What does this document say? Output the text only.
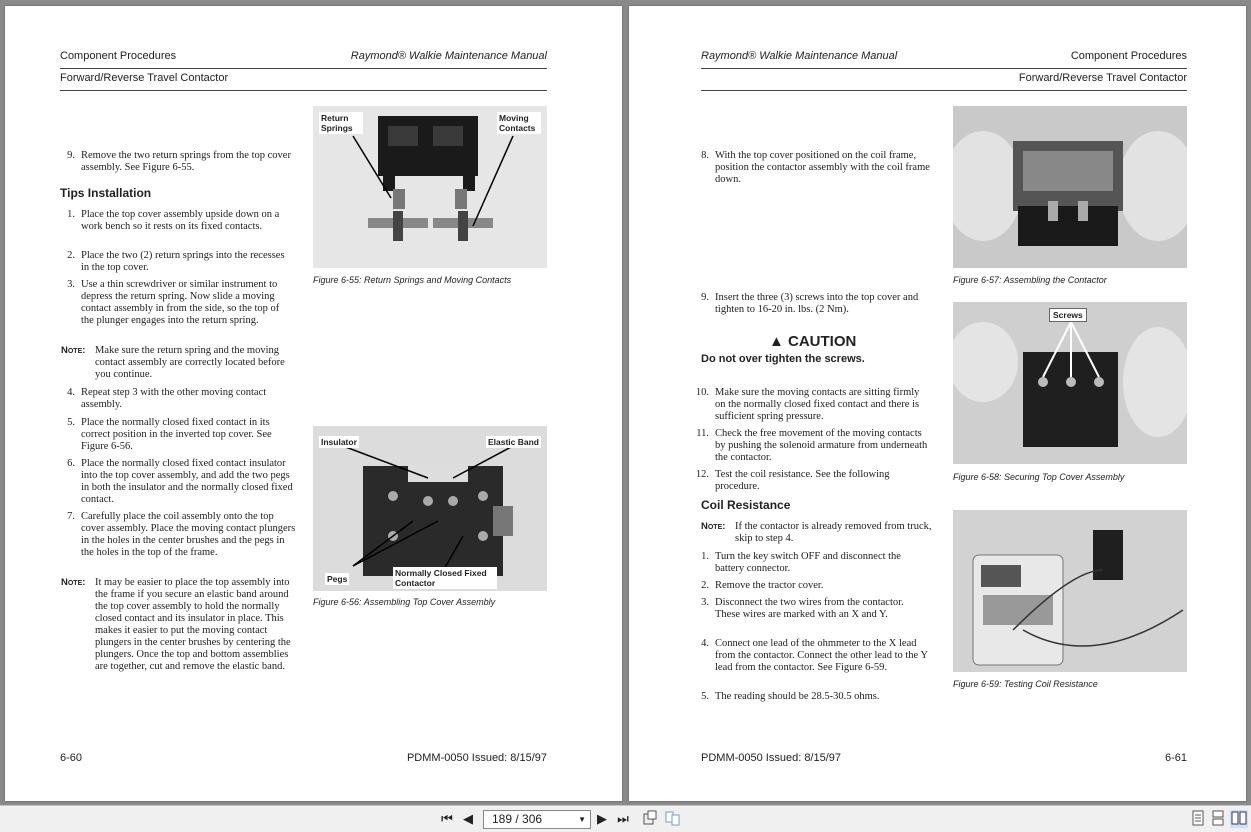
Component Procedures	Raymond® Walkie Maintenance Manual
Forward/Reverse Travel Contactor
9. Remove the two return springs from the top cover assembly. See Figure 6-55.
Tips Installation
1. Place the top cover assembly upside down on a work bench so it rests on its fixed contacts.
2. Place the two (2) return springs into the recesses in the top cover.
3. Use a thin screwdriver or similar instrument to depress the return spring. Now slide a moving contact assembly in from the side, so the top of the plunger engages into the return spring.
Note: Make sure the return spring and the moving contact assembly are correctly located before you continue.
4. Repeat step 3 with the other moving contact assembly.
5. Place the normally closed fixed contact in its correct position in the inverted top cover. See Figure 6-56.
6. Place the normally closed fixed contact insulator into the top cover assembly, and add the two pegs in both the insulator and the normally closed fixed contact.
7. Carefully place the coil assembly onto the top cover assembly. Place the moving contact plungers in the holes in the center brushes and the pegs in the holes in the top of the frame.
Note: It may be easier to place the top assembly into the frame if you secure an elastic band around the top cover assembly to hold the normally closed contact and its insulator in place. This makes it easier to put the moving contact plungers in the center brushes by centering the plungers. Once the top and bottom assemblies are together, cut and remove the elastic band.
Return Springs
Moving Contacts
Figure 6-55: Return Springs and Moving Contacts
Insulator	Elastic Band
Pegs
Normally Closed Fixed Contactor
Figure 6-56: Assembling Top Cover Assembly
6-60	PDMM-0050 Issued: 8/15/97
Raymond® Walkie Maintenance Manual	Component Procedures
Forward/Reverse Travel Contactor
8. With the top cover positioned on the coil frame, position the contactor assembly with the coil frame down.
9. Insert the three (3) screws into the top cover and tighten to 16-20 in. lbs. (2 Nm).
▲ CAUTION
Do not over tighten the screws.
10. Make sure the moving contacts are sitting firmly on the normally closed fixed contact and there is sufficient spring pressure.
11. Check the free movement of the moving contacts by pushing the solenoid armature from underneath the contactor.
12. Test the coil resistance. See the following procedure.
Coil Resistance
Note: If the contactor is already removed from truck, skip to step 4.
1. Turn the key switch OFF and disconnect the battery connector.
2. Remove the tractor cover.
3. Disconnect the two wires from the contactor. These wires are marked with an X and Y.
4. Connect one lead of the ohmmeter to the X lead from the contactor. Connect the other lead to the Y lead from the contactor. See Figure 6-59.
5. The reading should be 28.5-30.5 ohms.
Figure 6-57: Assembling the Contactor
Screws
Figure 6-58: Securing Top Cover Assembly
Figure 6-59: Testing Coil Resistance
PDMM-0050 Issued: 8/15/97	6-61
⏮ ◀ 189 / 306	▼ ▶ ⏭
